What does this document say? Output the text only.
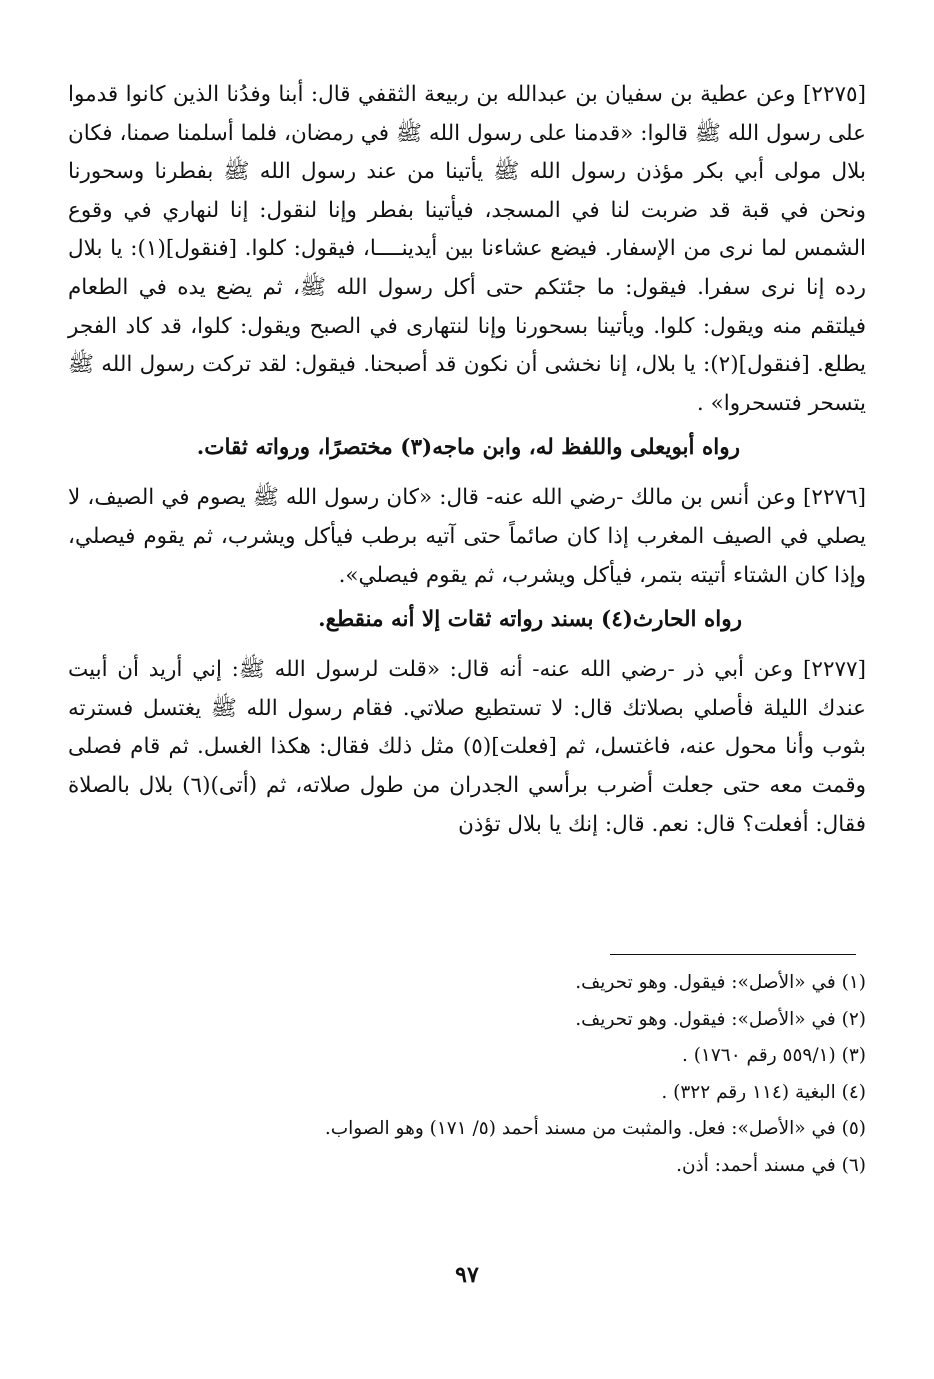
[٢٢٧٥] وعن عطية بن سفيان بن عبدالله بن ربيعة الثقفي قال: أبنا وفدُنا الذين كانوا قدموا على رسول الله ﷺ قالوا: «قدمنا على رسول الله ﷺ في رمضان، فلما أسلمنا صمنا، فكان بلال مولى أبي بكر مؤذن رسول الله ﷺ يأتينا من عند رسول الله ﷺ بفطرنا وسحورنا ونحن في قبة قد ضربت لنا في المسجد، فيأتينا بفطر وإنا لنقول: إنا لنهاري في وقوع الشمس لما نرى من الإسفار. فيضع عشاءنا بين أيدينــــا، فيقول: كلوا. [فنقول](١): يا بلال رده إنا نرى سفرا. فيقول: ما جئتكم حتى أكل رسول الله ﷺ، ثم يضع يده في الطعام فيلتقم منه ويقول: كلوا. ويأتينا بسحورنا وإنا لنتهارى في الصبح ويقول: كلوا، قد كاد الفجر يطلع. [فنقول](٢): يا بلال، إنا نخشى أن نكون قد أصبحنا. فيقول: لقد تركت رسول الله ﷺ يتسحر فتسحروا» .

رواه أبويعلى واللفظ له، وابن ماجه(٣) مختصرًا، ورواته ثقات.

[٢٢٧٦] وعن أنس بن مالك -رضي الله عنه- قال: «كان رسول الله ﷺ يصوم في الصيف، لا يصلي في الصيف المغرب إذا كان صائماً حتى آتيه برطب فيأكل ويشرب، ثم يقوم فيصلي، وإذا كان الشتاء أتيته بتمر، فيأكل ويشرب، ثم يقوم فيصلي».

رواه الحارث(٤) بسند رواته ثقات إلا أنه منقطع.

[٢٢٧٧] وعن أبي ذر -رضي الله عنه- أنه قال: «قلت لرسول الله ﷺ: إني أريد أن أبيت عندك الليلة فأصلي بصلاتك قال: لا تستطيع صلاتي. فقام رسول الله ﷺ يغتسل فسترته بثوب وأنا محول عنه، فاغتسل، ثم [فعلت](٥) مثل ذلك فقال: هكذا الغسل. ثم قام فصلى وقمت معه حتى جعلت أضرب برأسي الجدران من طول صلاته، ثم (أتى)(٦) بلال بالصلاة فقال: أفعلت؟ قال: نعم. قال: إنك يا بلال تؤذن

(١) في «الأصل»: فيقول. وهو تحريف.

(٢) في «الأصل»: فيقول. وهو تحريف.

(٣) (٥٥٩/١ رقم ١٧٦٠) .

(٤) البغية (١١٤ رقم ٣٢٢) .

(٥) في «الأصل»: فعل. والمثبت من مسند أحمد (٥/ ١٧١) وهو الصواب.

(٦) في مسند أحمد: أذن.

٩٧
